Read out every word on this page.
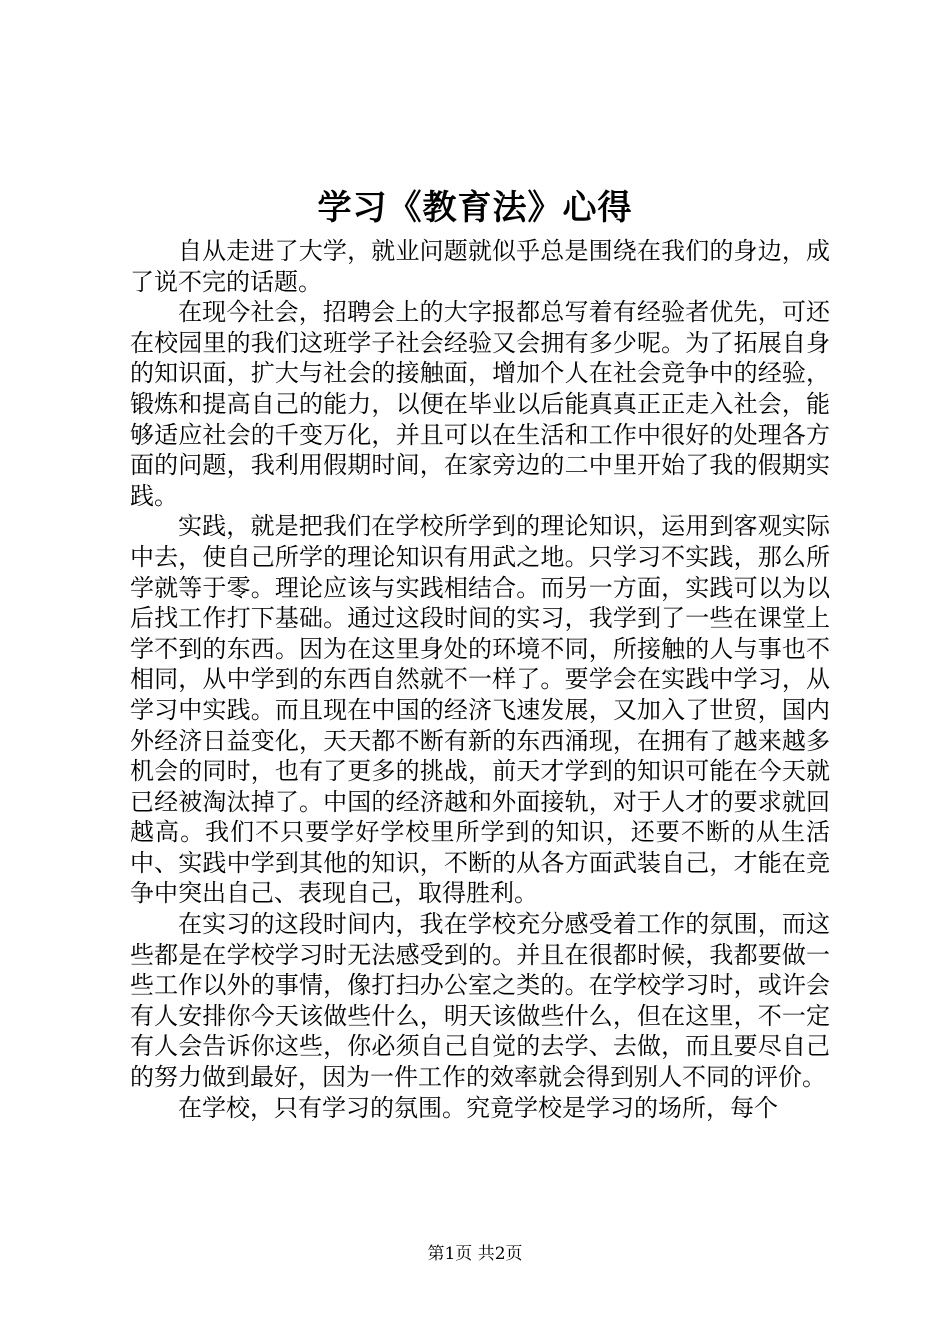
学习《教育法》心得

自从走进了大学，就业问题就似乎总是围绕在我们的身边，成了说不完的话题。

在现今社会，招聘会上的大字报都总写着有经验者优先，可还在校园里的我们这班学子社会经验又会拥有多少呢。为了拓展自身的知识面，扩大与社会的接触面，增加个人在社会竞争中的经验，锻炼和提高自己的能力，以便在毕业以后能真真正正走入社会，能够适应社会的千变万化，并且可以在生活和工作中很好的处理各方面的问题，我利用假期时间，在家旁边的二中里开始了我的假期实践。

实践，就是把我们在学校所学到的理论知识，运用到客观实际中去，使自己所学的理论知识有用武之地。只学习不实践，那么所学就等于零。理论应该与实践相结合。而另一方面，实践可以为以后找工作打下基础。通过这段时间的实习，我学到了一些在课堂上学不到的东西。因为在这里身处的环境不同，所接触的人与事也不相同，从中学到的东西自然就不一样了。要学会在实践中学习，从学习中实践。而且现在中国的经济飞速发展，又加入了世贸，国内外经济日益变化，天天都不断有新的东西涌现，在拥有了越来越多机会的同时，也有了更多的挑战，前天才学到的知识可能在今天就已经被淘汰掉了。中国的经济越和外面接轨，对于人才的要求就回越高。我们不只要学好学校里所学到的知识，还要不断的从生活中、实践中学到其他的知识，不断的从各方面武装自己，才能在竞争中突出自己、表现自己，取得胜利。

在实习的这段时间内，我在学校充分感受着工作的氛围，而这些都是在学校学习时无法感受到的。并且在很都时候，我都要做一些工作以外的事情，像打扫办公室之类的。在学校学习时，或许会有人安排你今天该做些什么，明天该做些什么，但在这里，不一定有人会告诉你这些，你必须自己自觉的去学、去做，而且要尽自己的努力做到最好，因为一件工作的效率就会得到别人不同的评价。

在学校，只有学习的氛围。究竟学校是学习的场所，每个

第1页 共2页
